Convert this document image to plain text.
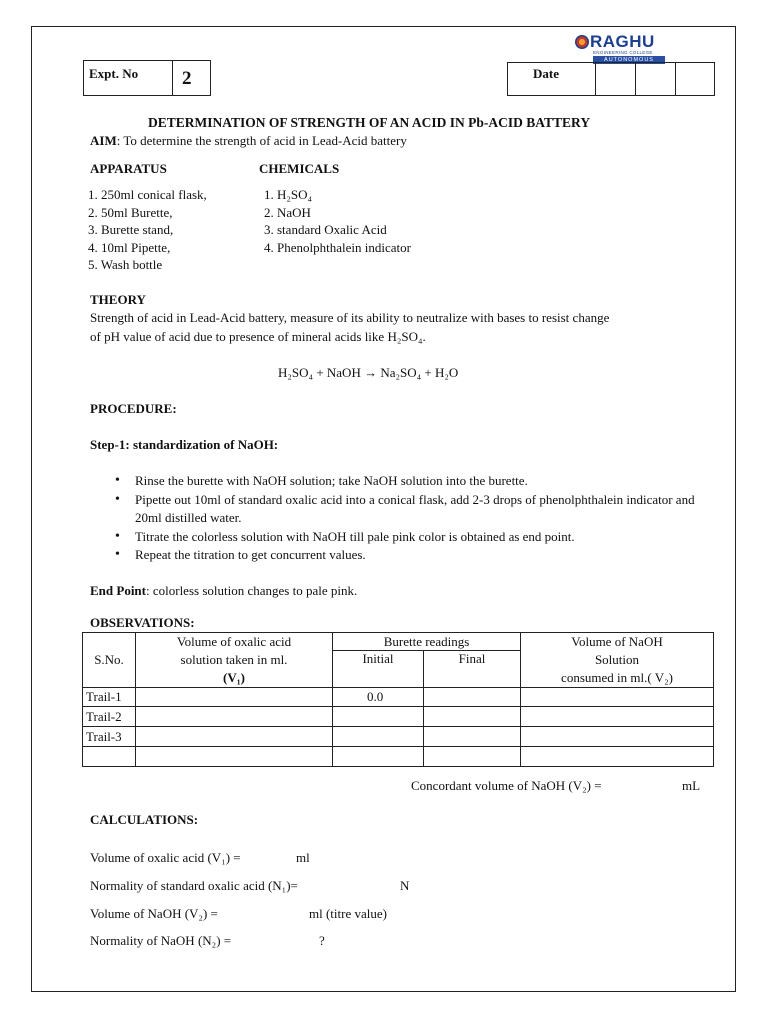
RAGHU
ENGINEERING COLLEGE
AUTONOMOUS
Expt. No 2	Date
DETERMINATION OF STRENGTH OF AN ACID IN Pb-ACID BATTERY
AIM: To determine the strength of acid in Lead-Acid battery
APPARATUS	CHEMICALS
1. 250ml conical flask,
2. 50ml Burette,
3. Burette stand,
4. 10ml Pipette,
5. Wash bottle
1. H₂SO₄
2. NaOH
3. standard Oxalic Acid
4. Phenolphthalein indicator
THEORY
Strength of acid in Lead-Acid battery, measure of its ability to neutralize with bases to resist change
of pH value of acid due to presence of mineral acids like H₂SO₄.
H₂SO₄ + NaOH → Na₂SO₄ + H₂O
PROCEDURE:
Step-1: standardization of NaOH:
• Rinse the burette with NaOH solution; take NaOH solution into the burette.
• Pipette out 10ml of standard oxalic acid into a conical flask, add 2-3 drops of phenolphthalein indicator and 20ml distilled water.
• Titrate the colorless solution with NaOH till pale pink color is obtained as end point.
• Repeat the titration to get concurrent values.
End Point: colorless solution changes to pale pink.
OBSERVATIONS:
S.No.	Volume of oxalic acid	Burette readings		Volume of NaOH
	solution taken in ml.	Initial	Final	Solution
	(V₁)			consumed in ml.( V₂)
Trail-1		0.0		
Trail-2				
Trail-3				

Concordant volume of NaOH (V₂) =	mL
CALCULATIONS:
Volume of oxalic acid (V₁) =	ml
Normality of standard oxalic acid (N₁)=	N
Volume of NaOH (V₂) =	ml (titre value)
Normality of NaOH (N₂) =	?
